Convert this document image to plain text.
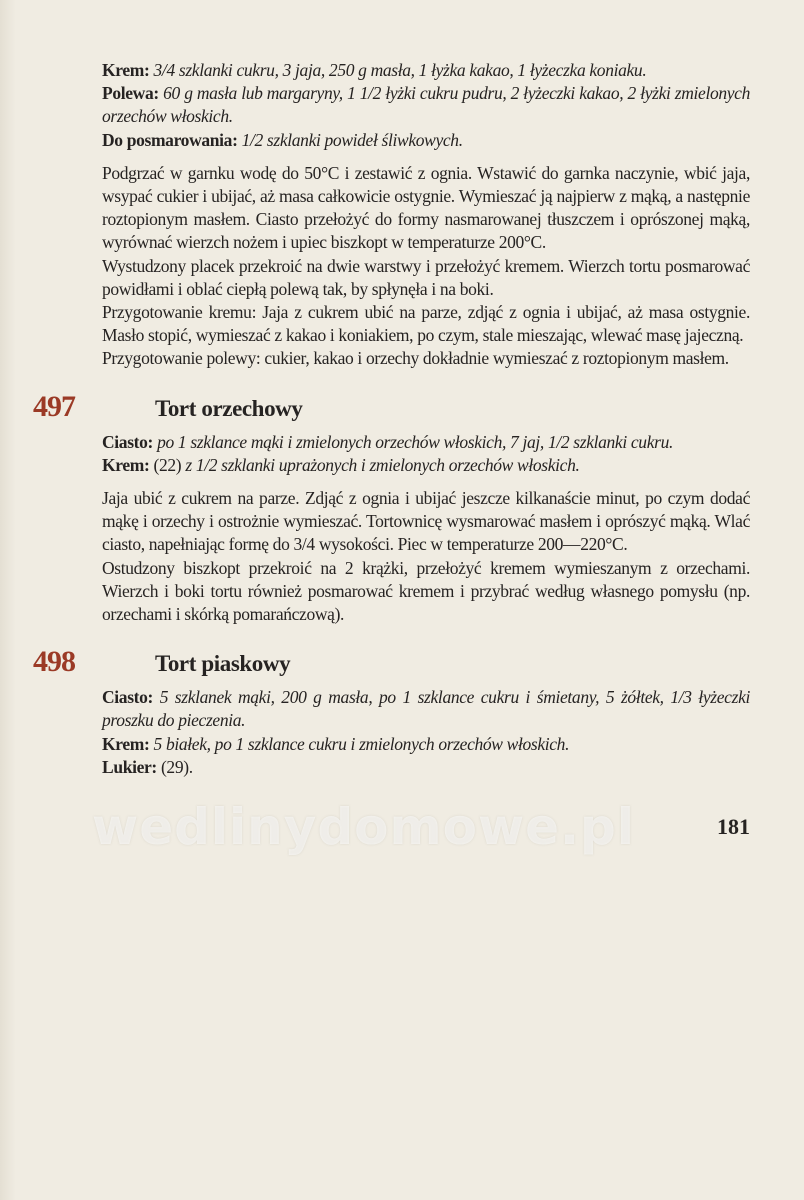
Krem: 3/4 szklanki cukru, 3 jaja, 250 g masła, 1 łyżka kakao, 1 łyżeczka koniaku.

Polewa: 60 g masła lub margaryny, 1 1/2 łyżki cukru pudru, 2 łyżeczki kakao, 2 łyżki zmielonych orzechów włoskich.

Do posmarowania: 1/2 szklanki powideł śliwkowych.

Podgrzać w garnku wodę do 50°C i zestawić z ognia. Wstawić do garnka naczynie, wbić jaja, wsypać cukier i ubijać, aż masa całkowicie ostygnie. Wymieszać ją najpierw z mąką, a następnie roztopionym masłem. Ciasto przełożyć do formy nasmarowanej tłuszczem i oprószonej mąką, wyrównać wierzch nożem i upiec biszkopt w temperaturze 200°C.

Wystudzony placek przekroić na dwie warstwy i przełożyć kremem. Wierzch tortu posmarować powidłami i oblać ciepłą polewą tak, by spłynęła i na boki.

Przygotowanie kremu: Jaja z cukrem ubić na parze, zdjąć z ognia i ubijać, aż masa ostygnie. Masło stopić, wymieszać z kakao i koniakiem, po czym, stale mieszając, wlewać masę jajeczną.

Przygotowanie polewy: cukier, kakao i orzechy dokładnie wymieszać z roztopionym masłem.

497	Tort orzechowy

Ciasto: po 1 szklance mąki i zmielonych orzechów włoskich, 7 jaj, 1/2 szklanki cukru.

Krem: (22) z 1/2 szklanki uprażonych i zmielonych orzechów włoskich.

Jaja ubić z cukrem na parze. Zdjąć z ognia i ubijać jeszcze kilkanaście minut, po czym dodać mąkę i orzechy i ostrożnie wymieszać. Tortownicę wysmarować masłem i oprószyć mąką. Wlać ciasto, napełniając formę do 3/4 wysokości. Piec w temperaturze 200—220°C.

Ostudzony biszkopt przekroić na 2 krążki, przełożyć kremem wymieszanym z orzechami. Wierzch i boki tortu również posmarować kremem i przybrać według własnego pomysłu (np. orzechami i skórką pomarańczową).

498	Tort piaskowy

Ciasto: 5 szklanek mąki, 200 g masła, po 1 szklance cukru i śmietany, 5 żółtek, 1/3 łyżeczki proszku do pieczenia.

Krem: 5 białek, po 1 szklance cukru i zmielonych orzechów włoskich.

Lukier: (29).

wedlinydomowe.pl	181
